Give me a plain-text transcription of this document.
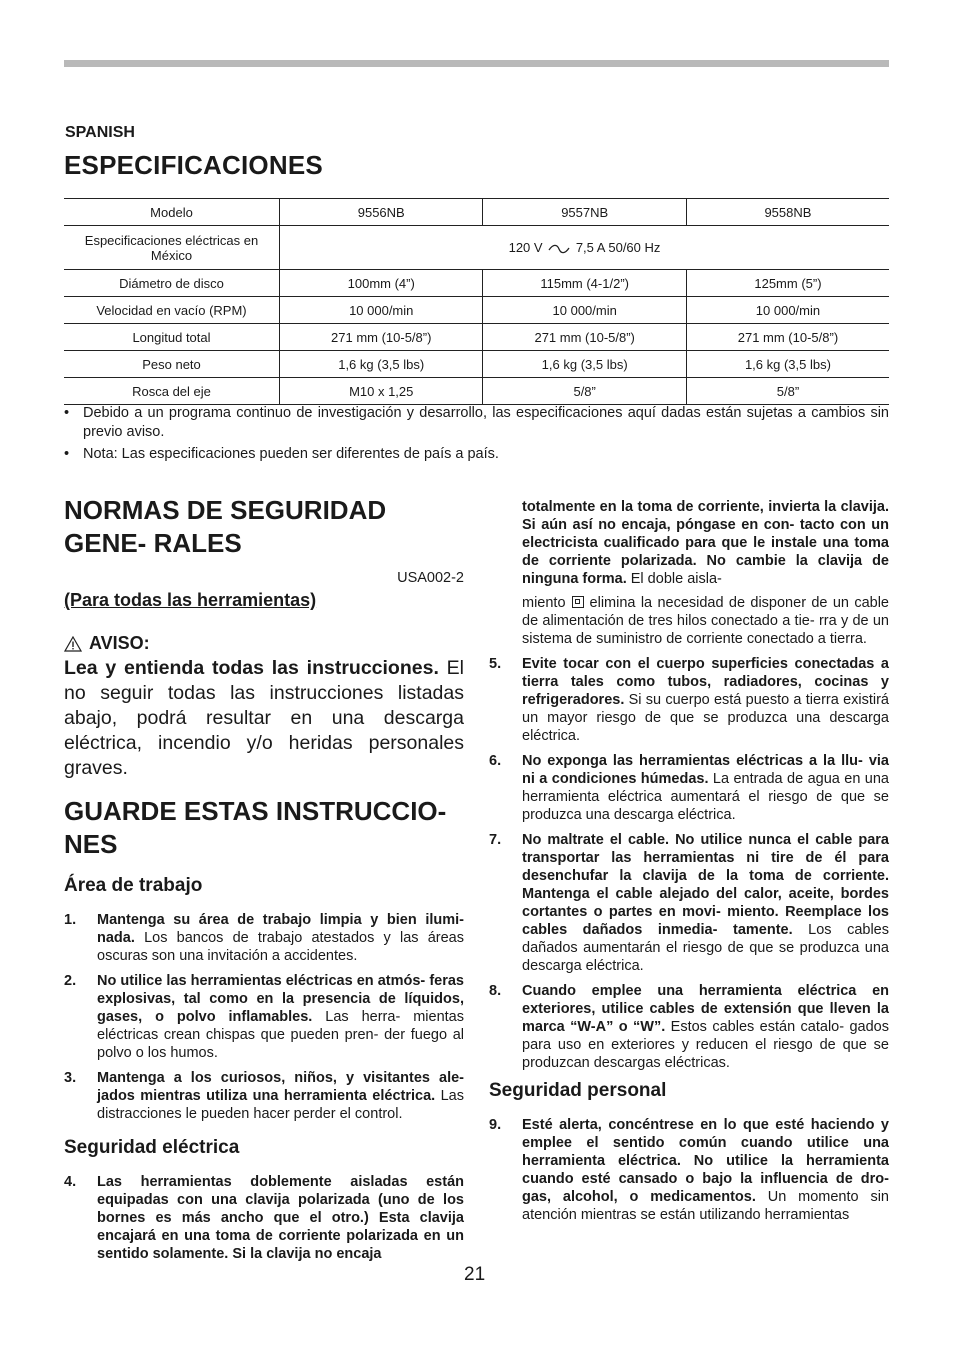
SPANISH
ESPECIFICACIONES
Modelo	9556NB	9557NB	9558NB
Especificaciones eléctricas en México	120 V 7,5 A 50/60 Hz		
Diámetro de disco	100mm (4”)	115mm (4-1/2”)	125mm (5”)
Velocidad en vacío (RPM)	10 000/min	10 000/min	10 000/min
Longitud total	271 mm (10-5/8”)	271 mm (10-5/8”)	271 mm (10-5/8”)
Peso neto	1,6 kg (3,5 lbs)	1,6 kg (3,5 lbs)	1,6 kg (3,5 lbs)
Rosca del eje	M10 x 1,25	5/8”	5/8”
• Debido a un programa continuo de investigación y desarrollo, las especificaciones aquí dadas están sujetas a cambios sin previo aviso.
• Nota: Las especificaciones pueden ser diferentes de país a país.
NORMAS DE SEGURIDAD GENE- RALES
USA002-2
(Para todas las herramientas)
AVISO:
Lea y entienda todas las instrucciones. El no seguir todas las instrucciones listadas abajo, podrá resultar en una descarga eléctrica, incendio y/o heridas personales graves.
GUARDE ESTAS INSTRUCCIO- NES
Área de trabajo
1. Mantenga su área de trabajo limpia y bien ilumi- nada. Los bancos de trabajo atestados y las áreas oscuras son una invitación a accidentes.
2. No utilice las herramientas eléctricas en atmós- feras explosivas, tal como en la presencia de líquidos, gases, o polvo inflamables. Las herra- mientas eléctricas crean chispas que pueden pren- der fuego al polvo o los humos.
3. Mantenga a los curiosos, niños, y visitantes ale- jados mientras utiliza una herramienta eléctrica. Las distracciones le pueden hacer perder el control.
Seguridad eléctrica
4. Las herramientas doblemente aisladas están equipadas con una clavija polarizada (uno de los bornes es más ancho que el otro.) Esta clavija encajará en una toma de corriente polarizada en un sentido solamente. Si la clavija no encaja
totalmente en la toma de corriente, invierta la clavija. Si aún así no encaja, póngase en con- tacto con un electricista cualificado para que le instale una toma de corriente polarizada. No cambie la clavija de ninguna forma. El doble aisla-
miento elimina la necesidad de disponer de un cable de alimentación de tres hilos conectado a tie- rra y de un sistema de suministro de corriente conectado a tierra.
5. Evite tocar con el cuerpo superficies conectadas a tierra tales como tubos, radiadores, cocinas y refrigeradores. Si su cuerpo está puesto a tierra existirá un mayor riesgo de que se produzca una descarga eléctrica.
6. No exponga las herramientas eléctricas a la llu- via ni a condiciones húmedas. La entrada de agua en una herramienta eléctrica aumentará el riesgo de que se produzca una descarga eléctrica.
7. No maltrate el cable. No utilice nunca el cable para transportar las herramientas ni tire de él para desenchufar la clavija de la toma de corriente. Mantenga el cable alejado del calor, aceite, bordes cortantes o partes en movi- miento. Reemplace los cables dañados inmedia- tamente. Los cables dañados aumentarán el riesgo de que se produzca una descarga eléctrica.
8. Cuando emplee una herramienta eléctrica en exteriores, utilice cables de extensión que lleven la marca “W-A” o “W”. Estos cables están catalo- gados para uso en exteriores y reducen el riesgo de que se produzcan descargas eléctricas.
Seguridad personal
9. Esté alerta, concéntrese en lo que esté haciendo y emplee el sentido común cuando utilice una herramienta eléctrica. No utilice la herramienta cuando esté cansado o bajo la influencia de dro- gas, alcohol, o medicamentos. Un momento sin atención mientras se están utilizando herramientas
21
